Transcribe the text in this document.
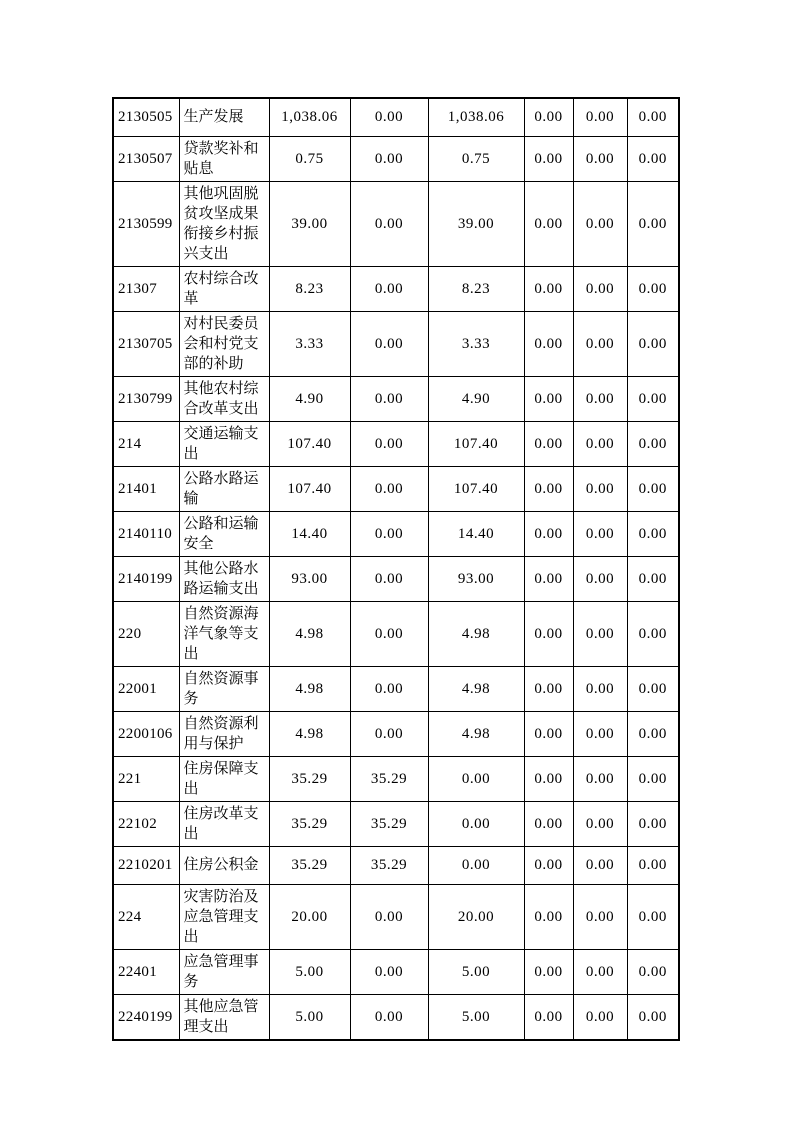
2130505	生产发展	1,038.06	0.00	1,038.06	0.00	0.00	0.00
2130507	贷款奖补和贴息	0.75	0.00	0.75	0.00	0.00	0.00
2130599	其他巩固脱贫攻坚成果衔接乡村振兴支出	39.00	0.00	39.00	0.00	0.00	0.00
21307	农村综合改革	8.23	0.00	8.23	0.00	0.00	0.00
2130705	对村民委员会和村党支部的补助	3.33	0.00	3.33	0.00	0.00	0.00
2130799	其他农村综合改革支出	4.90	0.00	4.90	0.00	0.00	0.00
214	交通运输支出	107.40	0.00	107.40	0.00	0.00	0.00
21401	公路水路运输	107.40	0.00	107.40	0.00	0.00	0.00
2140110	公路和运输安全	14.40	0.00	14.40	0.00	0.00	0.00
2140199	其他公路水路运输支出	93.00	0.00	93.00	0.00	0.00	0.00
220	自然资源海洋气象等支出	4.98	0.00	4.98	0.00	0.00	0.00
22001	自然资源事务	4.98	0.00	4.98	0.00	0.00	0.00
2200106	自然资源利用与保护	4.98	0.00	4.98	0.00	0.00	0.00
221	住房保障支出	35.29	35.29	0.00	0.00	0.00	0.00
22102	住房改革支出	35.29	35.29	0.00	0.00	0.00	0.00
2210201	住房公积金	35.29	35.29	0.00	0.00	0.00	0.00
224	灾害防治及应急管理支出	20.00	0.00	20.00	0.00	0.00	0.00
22401	应急管理事务	5.00	0.00	5.00	0.00	0.00	0.00
2240199	其他应急管理支出	5.00	0.00	5.00	0.00	0.00	0.00
